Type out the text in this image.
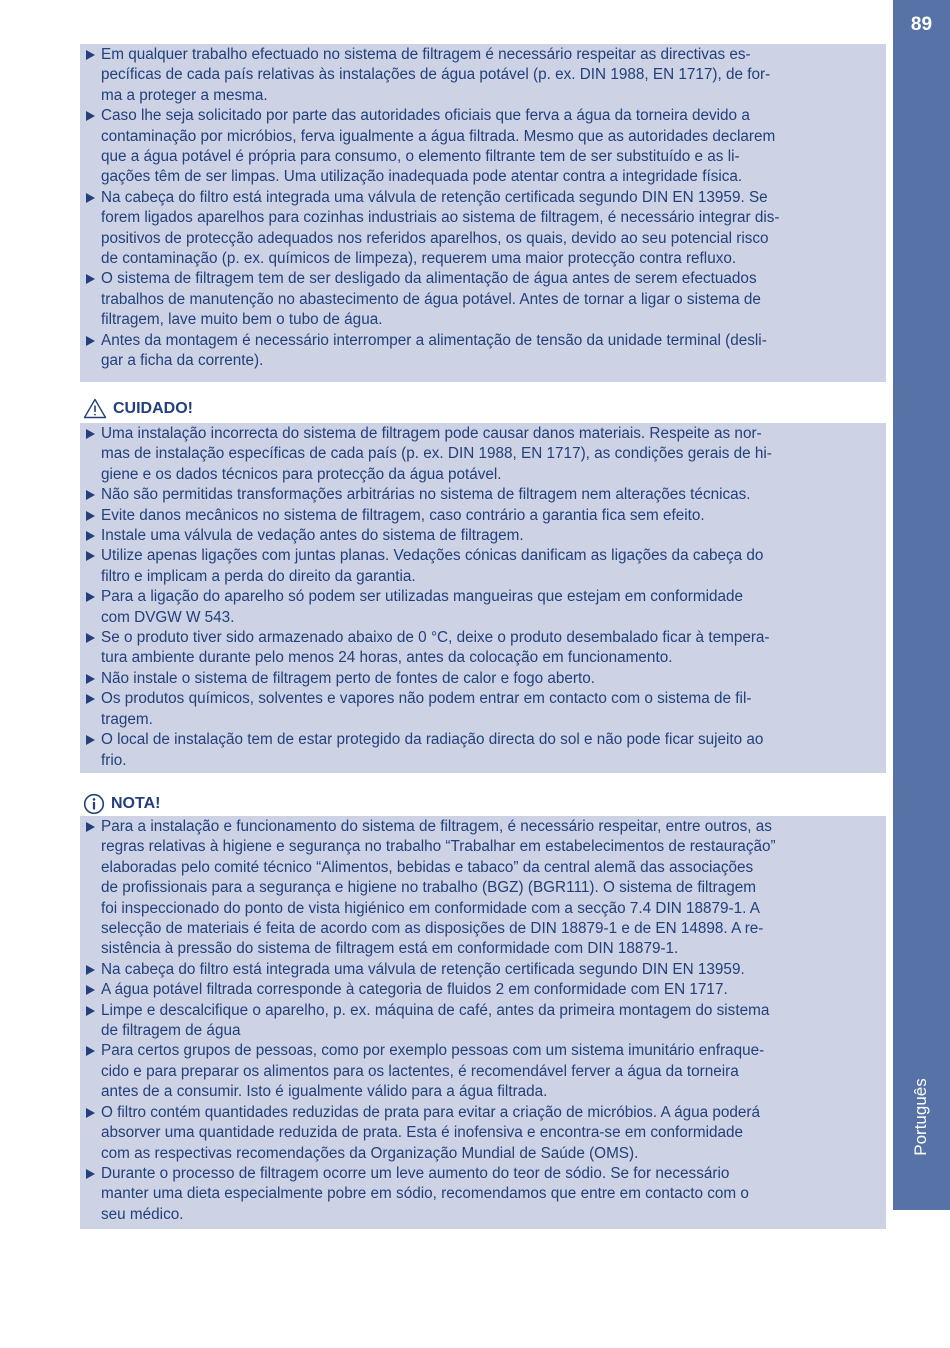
89
Português
Em qualquer trabalho efectuado no sistema de filtragem é necessário respeitar as directivas es-
pecíficas de cada país relativas às instalações de água potável (p. ex. DIN 1988, EN 1717), de for-
ma a proteger a mesma.
Caso lhe seja solicitado por parte das autoridades oficiais que ferva a água da torneira devido a
contaminação por micróbios, ferva igualmente a água filtrada. Mesmo que as autoridades declarem
que a água potável é própria para consumo, o elemento filtrante tem de ser substituído e as li-
gações têm de ser limpas. Uma utilização inadequada pode atentar contra a integridade física.
Na cabeça do filtro está integrada uma válvula de retenção certificada segundo DIN EN 13959. Se
forem ligados aparelhos para cozinhas industriais ao sistema de filtragem, é necessário integrar dis-
positivos de protecção adequados nos referidos aparelhos, os quais, devido ao seu potencial risco
de contaminação (p. ex. químicos de limpeza), requerem uma maior protecção contra refluxo.
O sistema de filtragem tem de ser desligado da alimentação de água antes de serem efectuados
trabalhos de manutenção no abastecimento de água potável. Antes de tornar a ligar o sistema de
filtragem, lave muito bem o tubo de água.
Antes da montagem é necessário interromper a alimentação de tensão da unidade terminal (desli-
gar a ficha da corrente).
CUIDADO!
Uma instalação incorrecta do sistema de filtragem pode causar danos materiais. Respeite as nor-
mas de instalação específicas de cada país (p. ex. DIN 1988, EN 1717), as condições gerais de hi-
giene e os dados técnicos para protecção da água potável.
Não são permitidas transformações arbitrárias no sistema de filtragem nem alterações técnicas.
Evite danos mecânicos no sistema de filtragem, caso contrário a garantia fica sem efeito.
Instale uma válvula de vedação antes do sistema de filtragem.
Utilize apenas ligações com juntas planas. Vedações cónicas danificam as ligações da cabeça do
filtro e implicam a perda do direito da garantia.
Para a ligação do aparelho só podem ser utilizadas mangueiras que estejam em conformidade
com DVGW W 543.
Se o produto tiver sido armazenado abaixo de 0 °C, deixe o produto desembalado ficar à tempera-
tura ambiente durante pelo menos 24 horas, antes da colocação em funcionamento.
Não instale o sistema de filtragem perto de fontes de calor e fogo aberto.
Os produtos químicos, solventes e vapores não podem entrar em contacto com o sistema de fil-
tragem.
O local de instalação tem de estar protegido da radiação directa do sol e não pode ficar sujeito ao
frio.
NOTA!
Para a instalação e funcionamento do sistema de filtragem, é necessário respeitar, entre outros, as
regras relativas à higiene e segurança no trabalho “Trabalhar em estabelecimentos de restauração”
elaboradas pelo comité técnico “Alimentos, bebidas e tabaco” da central alemã das associações
de profissionais para a segurança e higiene no trabalho (BGZ) (BGR111). O sistema de filtragem
foi inspeccionado do ponto de vista higiénico em conformidade com a secção 7.4 DIN 18879-1. A
selecção de materiais é feita de acordo com as disposições de DIN 18879-1 e de EN 14898. A re-
sistência à pressão do sistema de filtragem está em conformidade com DIN 18879-1.
Na cabeça do filtro está integrada uma válvula de retenção certificada segundo DIN EN 13959.
A água potável filtrada corresponde à categoria de fluidos 2 em conformidade com EN 1717.
Limpe e descalcifique o aparelho, p. ex. máquina de café, antes da primeira montagem do sistema
de filtragem de água
Para certos grupos de pessoas, como por exemplo pessoas com um sistema imunitário enfraque-
cido e para preparar os alimentos para os lactentes, é recomendável ferver a água da torneira
antes de a consumir. Isto é igualmente válido para a água filtrada.
O filtro contém quantidades reduzidas de prata para evitar a criação de micróbios. A água poderá
absorver uma quantidade reduzida de prata. Esta é inofensiva e encontra-se em conformidade
com as respectivas recomendações da Organização Mundial de Saúde (OMS).
Durante o processo de filtragem ocorre um leve aumento do teor de sódio. Se for necessário
manter uma dieta especialmente pobre em sódio, recomendamos que entre em contacto com o
seu médico.
